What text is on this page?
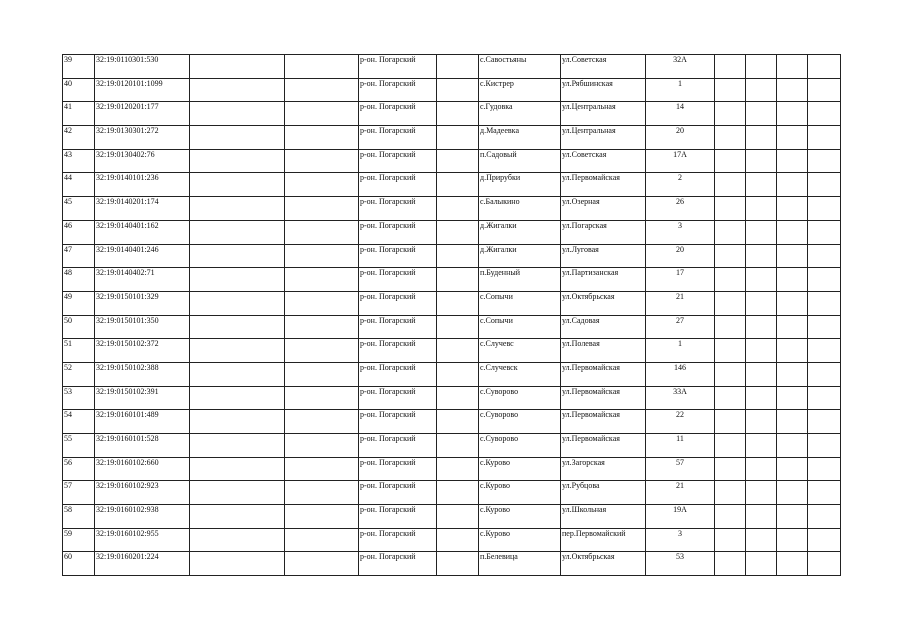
39	32:19:0110301:530			р-он. Погарский		с.Савостьяны	ул.Советская	32А				
40	32:19:0120101:1099			р-он. Погарский		с.Кистрер	ул.Рябшинская	1				
41	32:19:0120201:177			р-он. Погарский		с.Гудовка	ул.Центральная	14				
42	32:19:0130301:272			р-он. Погарский		д.Мадеевка	ул.Центральная	20				
43	32:19:0130402:76			р-он. Погарский		п.Садовый	ул.Советская	17А				
44	32:19:0140101:236			р-он. Погарский		д.Прирубки	ул.Первомайская	2				
45	32:19:0140201:174			р-он. Погарский		с.Балыкино	ул.Озерная	26				
46	32:19:0140401:162			р-он. Погарский		д.Жигалки	ул.Погарская	3				
47	32:19:0140401:246			р-он. Погарский		д.Жигалки	ул.Луговая	20				
48	32:19:0140402:71			р-он. Погарский		п.Буденный	ул.Партизанская	17				
49	32:19:0150101:329			р-он. Погарский		с.Сопычи	ул.Октябрьская	21				
50	32:19:0150101:350			р-он. Погарский		с.Сопычи	ул.Садовая	27				
51	32:19:0150102:372			р-он. Погарский		с.Случевс	ул.Полевая	1				
52	32:19:0150102:388			р-он. Погарский		с.Случевск	ул.Первомайская	146				
53	32:19:0150102:391			р-он. Погарский		с.Суворово	ул.Первомайская	33А				
54	32:19:0160101:489			р-он. Погарский		с.Суворово	ул.Первомайская	22				
55	32:19:0160101:528			р-он. Погарский		с.Суворово	ул.Первомайская	11				
56	32:19:0160102:660			р-он. Погарский		с.Курово	ул.Загорская	57				
57	32:19:0160102:923			р-он. Погарский		с.Курово	ул.Рубцова	21				
58	32:19:0160102:938			р-он. Погарский		с.Курово	ул.Школьная	19А				
59	32:19:0160102:955			р-он. Погарский		с.Курово	пер.Первомайский	3				
60	32:19:0160201:224			р-он. Погарский		п.Белевица	ул.Октябрьская	53				
